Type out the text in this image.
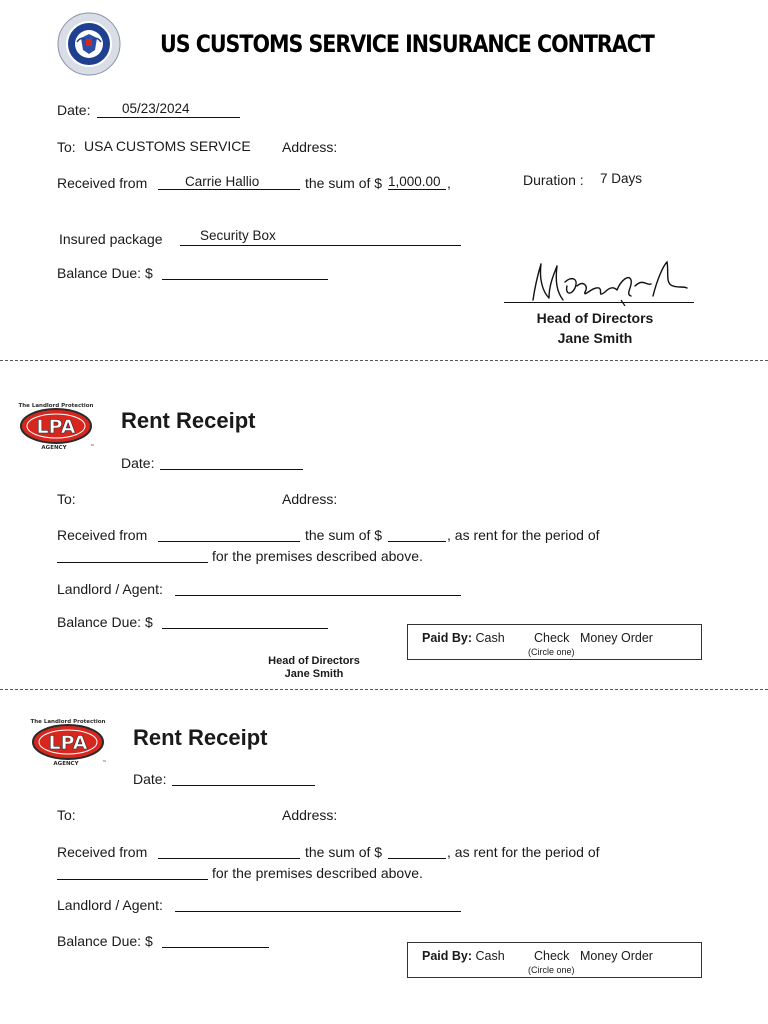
US CUSTOMS SERVICE INSURANCE CONTRACT
Date: 05/23/2024
To: USA CUSTOMS SERVICE Address:
Received from	Carrie Hallio	the sum of $ 1,000.00 ,	Duration : 7 Days
Insured package	Security Box
Balance Due: $
Head of Directors
Jane Smith
LPA
The Landlord Protection
AGENCY	™
Rent Receipt
Date:
To:	Address:
Received from	the sum of $	, as rent for the period of
for the premises described above.
Landlord / Agent:
Balance Due: $
Paid By: Cash Check Money Order
(Circle one)
Head of Directors
Jane Smith
LPA
The Landlord Protection
AGENCY	™
Rent Receipt
Date:
To:	Address:
Received from	the sum of $	, as rent for the period of
for the premises described above.
Landlord / Agent:
Balance Due: $
Paid By: Cash Check Money Order
(Circle one)
